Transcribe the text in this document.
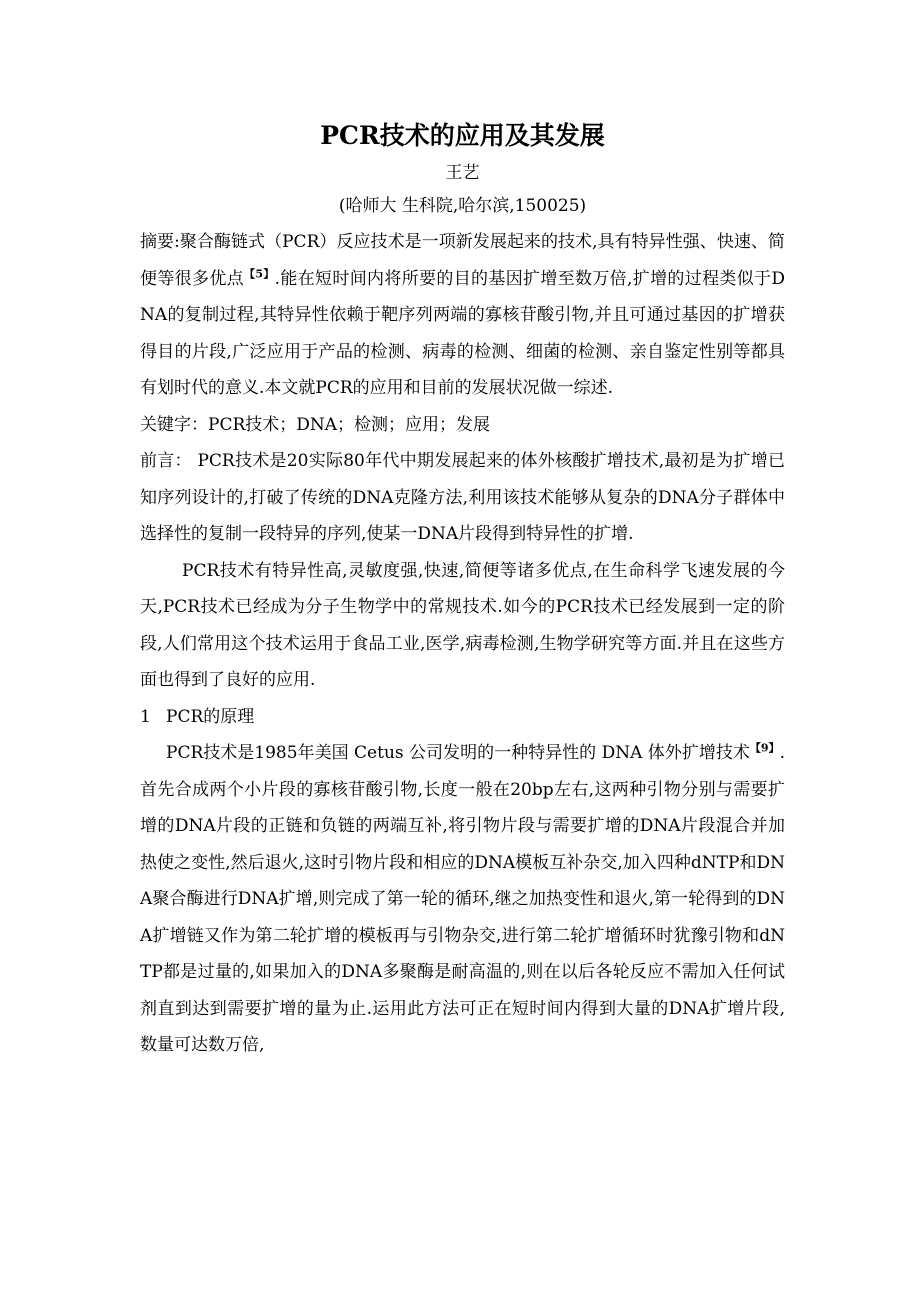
PCR技术的应用及其发展

王艺

(哈师大 生科院,哈尔滨,150025)

摘要:聚合酶链式（PCR）反应技术是一项新发展起来的技术,具有特异性强、快速、简便等很多优点$^{【5】}$.能在短时间内将所要的目的基因扩增至数万倍,扩增的过程类似于DNA的复制过程,其特异性依赖于靶序列两端的寡核苷酸引物,并且可通过基因的扩增获得目的片段,广泛应用于产品的检测、病毒的检测、细菌的检测、亲自鉴定性别等都具有划时代的意义.本文就PCR的应用和目前的发展状况做一综述.

关键字：PCR技术；DNA；检测；应用；发展

前言： PCR技术是20实际80年代中期发展起来的体外核酸扩增技术,最初是为扩增已知序列设计的,打破了传统的DNA克隆方法,利用该技术能够从复杂的DNA分子群体中选择性的复制一段特异的序列,使某一DNA片段得到特异性的扩增.

PCR技术有特异性高,灵敏度强,快速,简便等诸多优点,在生命科学飞速发展的今天,PCR技术已经成为分子生物学中的常规技术.如今的PCR技术已经发展到一定的阶段,人们常用这个技术运用于食品工业,医学,病毒检测,生物学研究等方面.并且在这些方面也得到了良好的应用.

1 PCR的原理

PCR技术是1985年美国 Cetus 公司发明的一种特异性的 DNA 体外扩增技术$^{【9】}$.首先合成两个小片段的寡核苷酸引物,长度一般在20bp左右,这两种引物分别与需要扩增的DNA片段的正链和负链的两端互补,将引物片段与需要扩增的DNA片段混合并加热使之变性,然后退火,这时引物片段和相应的DNA模板互补杂交,加入四种dNTP和DNA聚合酶进行DNA扩增,则完成了第一轮的循环,继之加热变性和退火,第一轮得到的DNA扩增链又作为第二轮扩增的模板再与引物杂交,进行第二轮扩增循环时犹豫引物和dNTP都是过量的,如果加入的DNA多聚酶是耐高温的,则在以后各轮反应不需加入任何试剂直到达到需要扩增的量为止.运用此方法可正在短时间内得到大量的DNA扩增片段,数量可达数万倍,
